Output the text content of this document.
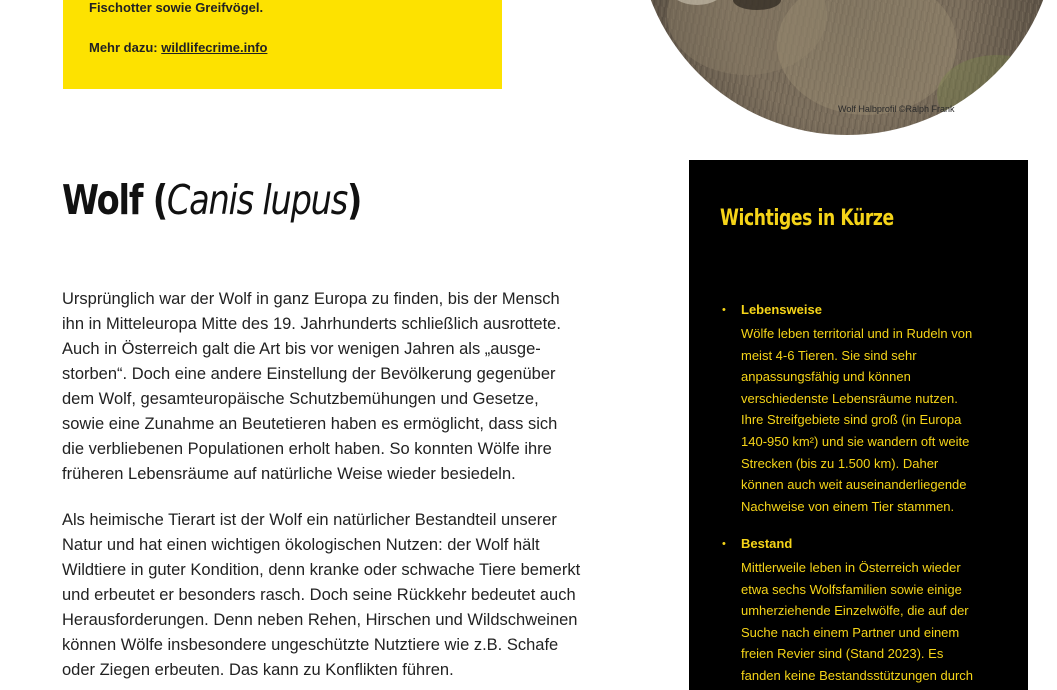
Fischotter sowie Greifvögel.
Mehr dazu: wildlifecrime.info
Wolf Halbprofil ©Ralph Frank
Wolf (Canis lupus)
Ursprünglich war der Wolf in ganz Europa zu finden, bis der Mensch
ihn in Mitteleuropa Mitte des 19. Jahrhunderts schließlich ausrottete.
Auch in Österreich galt die Art bis vor wenigen Jahren als „ausge-
storben“. Doch eine andere Einstellung der Bevölkerung gegenüber
dem Wolf, gesamteuropäische Schutzbemühungen und Gesetze,
sowie eine Zunahme an Beutetieren haben es ermöglicht, dass sich
die verbliebenen Populationen erholt haben. So konnten Wölfe ihre
früheren Lebensräume auf natürliche Weise wieder besiedeln.
Als heimische Tierart ist der Wolf ein natürlicher Bestandteil unserer
Natur und hat einen wichtigen ökologischen Nutzen: der Wolf hält
Wildtiere in guter Kondition, denn kranke oder schwache Tiere bemerkt
und erbeutet er besonders rasch. Doch seine Rückkehr bedeutet auch
Herausforderungen. Denn neben Rehen, Hirschen und Wildschweinen
können Wölfe insbesondere ungeschützte Nutztiere wie z.B. Schafe
oder Ziegen erbeuten. Das kann zu Konflikten führen.
Wichtiges in Kürze
• Lebensweise
Wölfe leben territorial und in Rudeln von
meist 4-6 Tieren. Sie sind sehr
anpassungsfähig und können
verschiedenste Lebensräume nutzen.
Ihre Streifgebiete sind groß (in Europa
140-950 km²) und sie wandern oft weite
Strecken (bis zu 1.500 km). Daher
können auch weit auseinanderliegende
Nachweise von einem Tier stammen.
• Bestand
Mittlerweile leben in Österreich wieder
etwa sechs Wolfsfamilien sowie einige
umherziehende Einzelwölfe, die auf der
Suche nach einem Partner und einem
freien Revier sind (Stand 2023). Es
fanden keine Bestandsstützungen durch
